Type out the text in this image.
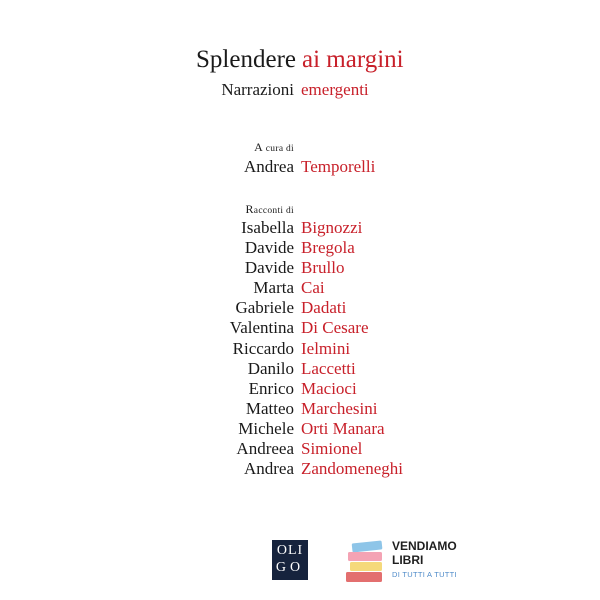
Splendere ai margini
Narrazioni emergenti
A cura di
Andrea Temporelli
Racconti di
Isabella Bignozzi
Davide Bregola
Davide Brullo
Marta Cai
Gabriele Dadati
Valentina Di Cesare
Riccardo Ielmini
Danilo Laccetti
Enrico Macioci
Matteo Marchesini
Michele Orti Manara
Andreea Simionel
Andrea Zandomeneghi
OLI
GO
VENDIAMO
LIBRI
DI TUTTI A TUTTI
